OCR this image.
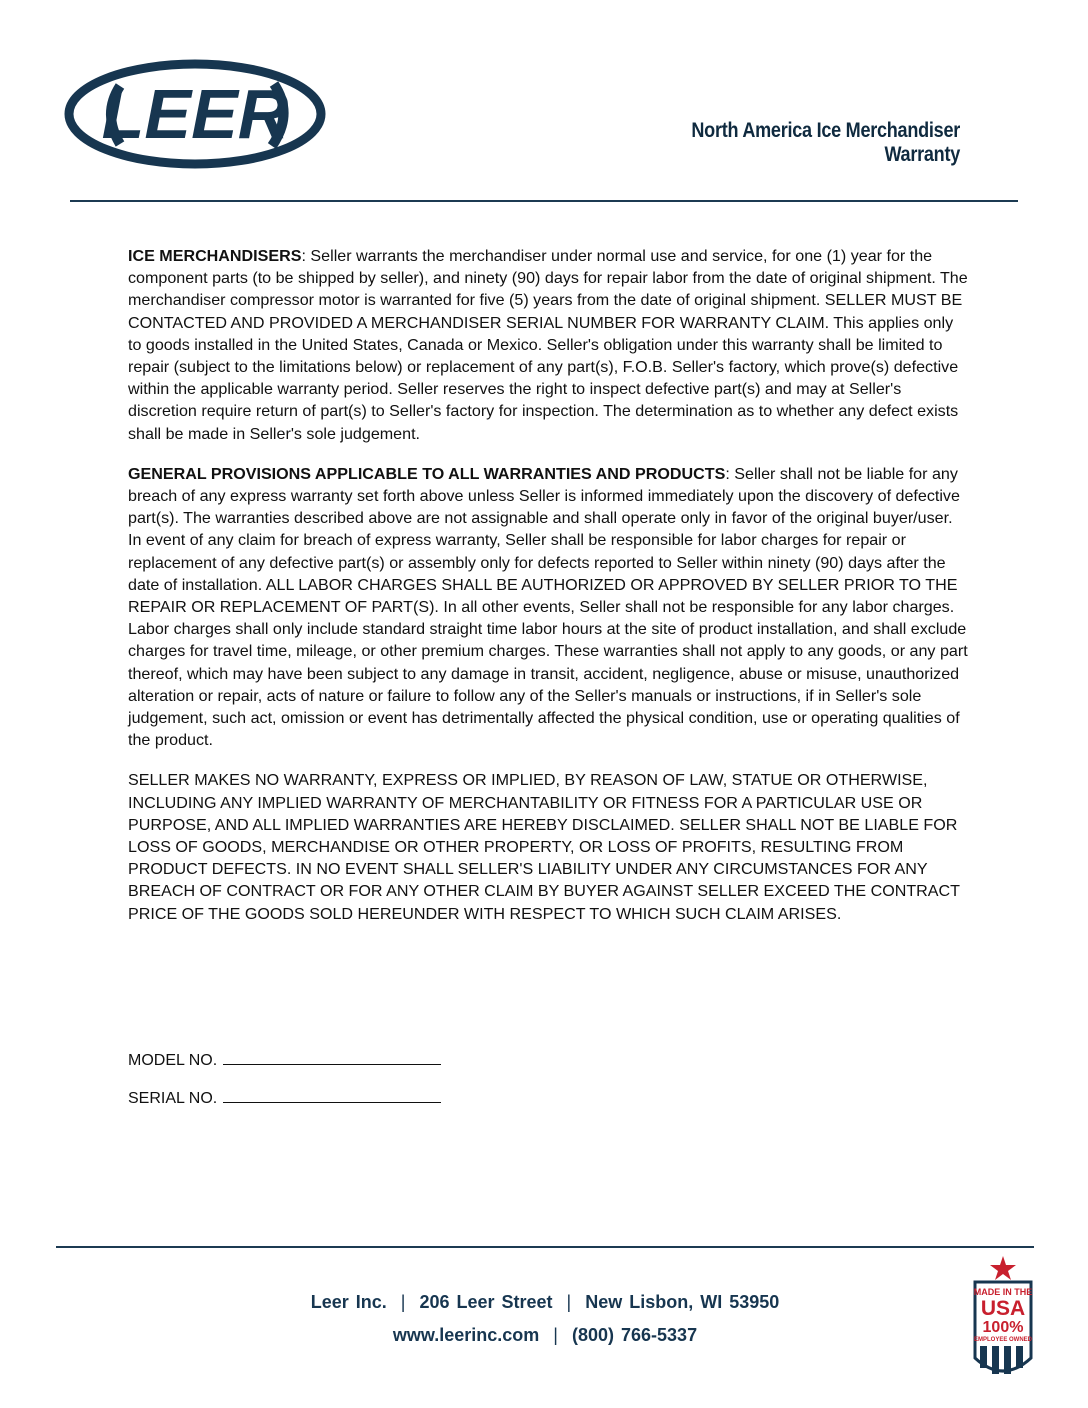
LEER	North America Ice Merchandiser Warranty

ICE MERCHANDISERS: Seller warrants the merchandiser under normal use and service, for one (1) year for the component parts (to be shipped by seller), and ninety (90) days for repair labor from the date of original shipment. The merchandiser compressor motor is warranted for five (5) years from the date of original shipment. SELLER MUST BE CONTACTED AND PROVIDED A MERCHANDISER SERIAL NUMBER FOR WARRANTY CLAIM. This applies only to goods installed in the United States, Canada or Mexico. Seller's obligation under this warranty shall be limited to repair (subject to the limitations below) or replacement of any part(s), F.O.B. Seller's factory, which prove(s) defective within the applicable warranty period. Seller reserves the right to inspect defective part(s) and may at Seller's discretion require return of part(s) to Seller's factory for inspection. The determination as to whether any defect exists shall be made in Seller's sole judgement.

GENERAL PROVISIONS APPLICABLE TO ALL WARRANTIES AND PRODUCTS: Seller shall not be liable for any breach of any express warranty set forth above unless Seller is informed immediately upon the discovery of defective part(s). The warranties described above are not assignable and shall operate only in favor of the original buyer/user. In event of any claim for breach of express warranty, Seller shall be responsible for labor charges for repair or replacement of any defective part(s) or assembly only for defects reported to Seller within ninety (90) days after the date of installation. ALL LABOR CHARGES SHALL BE AUTHORIZED OR APPROVED BY SELLER PRIOR TO THE REPAIR OR REPLACEMENT OF PART(S). In all other events, Seller shall not be responsible for any labor charges. Labor charges shall only include standard straight time labor hours at the site of product installation, and shall exclude charges for travel time, mileage, or other premium charges. These warranties shall not apply to any goods, or any part thereof, which may have been subject to any damage in transit, accident, negligence, abuse or misuse, unauthorized alteration or repair, acts of nature or failure to follow any of the Seller's manuals or instructions, if in Seller's sole judgement, such act, omission or event has detrimentally affected the physical condition, use or operating qualities of the product.

SELLER MAKES NO WARRANTY, EXPRESS OR IMPLIED, BY REASON OF LAW, STATUE OR OTHERWISE, INCLUDING ANY IMPLIED WARRANTY OF MERCHANTABILITY OR FITNESS FOR A PARTICULAR USE OR PURPOSE, AND ALL IMPLIED WARRANTIES ARE HEREBY DISCLAIMED. SELLER SHALL NOT BE LIABLE FOR LOSS OF GOODS, MERCHANDISE OR OTHER PROPERTY, OR LOSS OF PROFITS, RESULTING FROM PRODUCT DEFECTS. IN NO EVENT SHALL SELLER'S LIABILITY UNDER ANY CIRCUMSTANCES FOR ANY BREACH OF CONTRACT OR FOR ANY OTHER CLAIM BY BUYER AGAINST SELLER EXCEED THE CONTRACT PRICE OF THE GOODS SOLD HEREUNDER WITH RESPECT TO WHICH SUCH CLAIM ARISES.

MODEL NO.
SERIAL NO.
Leer Inc. | 206 Leer Street | New Lisbon, WI 53950
www.leerinc.com | (800) 766-5337
MADE IN THE
USA
100%
EMPLOYEE OWNED
